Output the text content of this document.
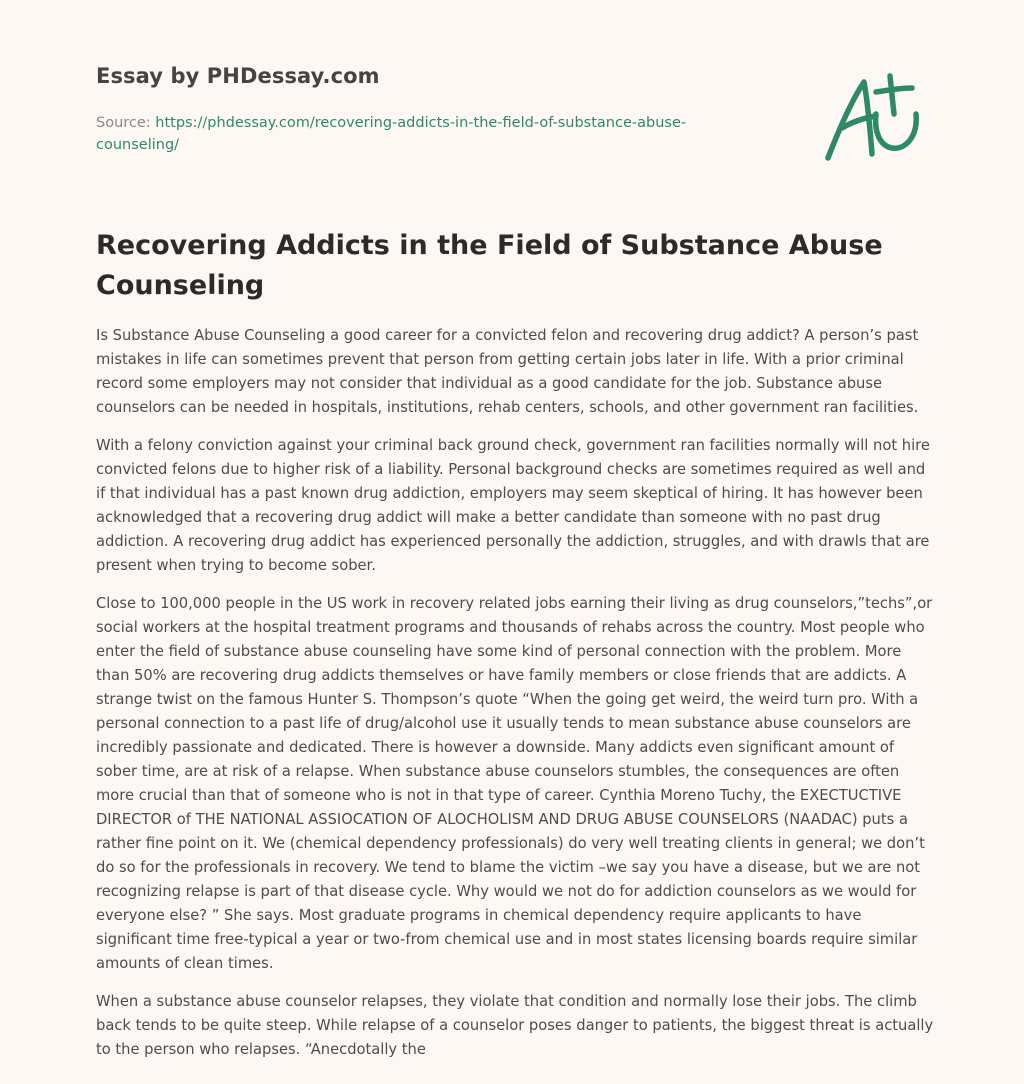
Essay by PHDessay.com
Source: https://phdessay.com/recovering-addicts-in-the-field-of-substance-abuse-counseling/
Recovering Addicts in the Field of Substance Abuse Counseling

Is Substance Abuse Counseling a good career for a convicted felon and recovering drug addict? A person’s past mistakes in life can sometimes prevent that person from getting certain jobs later in life. With a prior criminal record some employers may not consider that individual as a good candidate for the job. Substance abuse counselors can be needed in hospitals, institutions, rehab centers, schools, and other government ran facilities.

With a felony conviction against your criminal back ground check, government ran facilities normally will not hire convicted felons due to higher risk of a liability. Personal background checks are sometimes required as well and if that individual has a past known drug addiction, employers may seem skeptical of hiring. It has however been acknowledged that a recovering drug addict will make a better candidate than someone with no past drug addiction. A recovering drug addict has experienced personally the addiction, struggles, and with drawls that are present when trying to become sober.

Close to 100,000 people in the US work in recovery related jobs earning their living as drug counselors,”techs”,or social workers at the hospital treatment programs and thousands of rehabs across the country. Most people who enter the field of substance abuse counseling have some kind of personal connection with the problem. More than 50% are recovering drug addicts themselves or have family members or close friends that are addicts. A strange twist on the famous Hunter S. Thompson’s quote “When the going get weird, the weird turn pro. With a personal connection to a past life of drug/alcohol use it usually tends to mean substance abuse counselors are incredibly passionate and dedicated. There is however a downside. Many addicts even significant amount of sober time, are at risk of a relapse. When substance abuse counselors stumbles, the consequences are often more crucial than that of someone who is not in that type of career. Cynthia Moreno Tuchy, the EXECTUCTIVE DIRECTOR of THE NATIONAL ASSIOCATION OF ALOCHOLISM AND DRUG ABUSE COUNSELORS (NAADAC) puts a rather fine point on it. We (chemical dependency professionals) do very well treating clients in general; we don’t do so for the professionals in recovery. We tend to blame the victim –we say you have a disease, but we are not recognizing relapse is part of that disease cycle. Why would we not do for addiction counselors as we would for everyone else? ” She says. Most graduate programs in chemical dependency require applicants to have significant time free-typical a year or two-from chemical use and in most states licensing boards require similar amounts of clean times.

When a substance abuse counselor relapses, they violate that condition and normally lose their jobs. The climb back tends to be quite steep. While relapse of a counselor poses danger to patients, the biggest threat is actually to the person who relapses. “Anecdotally the
